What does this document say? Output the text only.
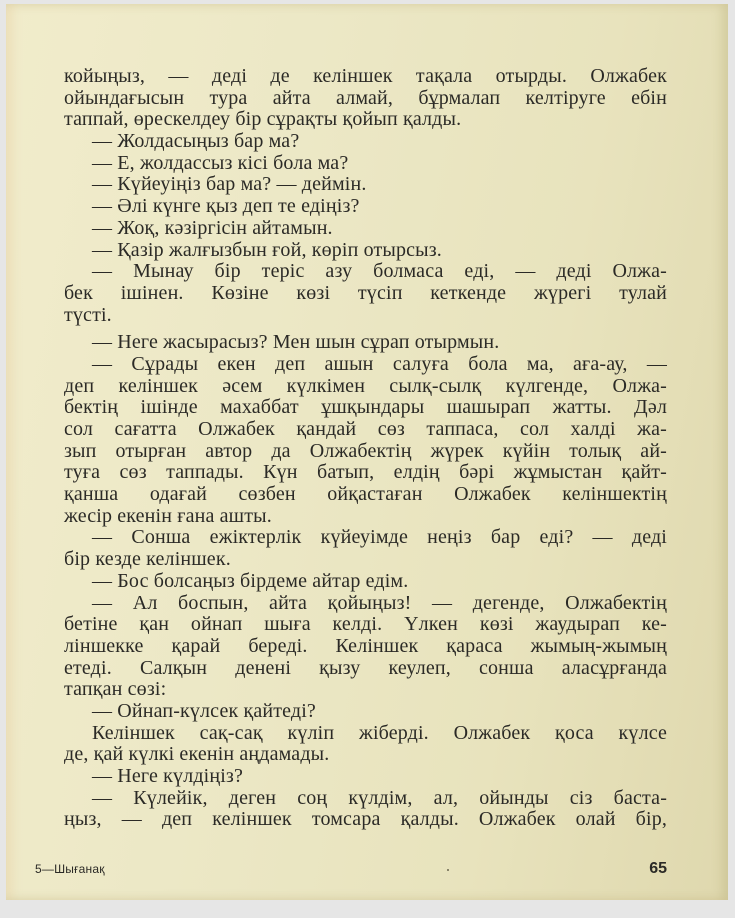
койыңыз, — деді де келіншек тақала отырды. Олжабек
ойындағысын тура айта алмай, бұрмалап келтіруге ебін
таппай, өрескелдеу бір сұрақты қойып қалды.
— Жолдасыңыз бар ма?
— Е, жолдассыз кісі бола ма?
— Күйеуіңіз бар ма? — деймін.
— Әлі күнге қыз деп те едіңіз?
— Жоқ, кәзіргісін айтамын.
— Қазір жалғызбын ғой, көріп отырсыз.
— Мынау бір теріс азу болмаса еді, — деді Олжа-
бек ішінен. Көзіне көзі түсіп кеткенде жүрегі тулай
түсті.
— Неге жасырасыз? Мен шын сұрап отырмын.
— Сұрады екен деп ашын салуға бола ма, аға-ау, —
деп келіншек әсем күлкімен сылқ-сылқ күлгенде, Олжа-
бектің ішінде махаббат ұшқындары шашырап жатты. Дәл
сол сағатта Олжабек қандай сөз таппаса, сол халді жа-
зып отырған автор да Олжабектің жүрек күйін толық ай-
туға сөз таппады. Күн батып, елдің бәрі жұмыстан қайт-
қанша одағай сөзбен ойқастаған Олжабек келіншектің
жесір екенін ғана ашты.
— Сонша ежіктерлік күйеуімде неңіз бар еді? — деді
бір кезде келіншек.
— Бос болсаңыз бірдеме айтар едім.
— Ал боспын, айта қойыңыз! — дегенде, Олжабектің
бетіне қан ойнап шыға келді. Үлкен көзі жаудырап ке-
ліншекке қарай береді. Келіншек қараса жымың-жымың
етеді. Салқын денені қызу кеулеп, сонша аласұрғанда
тапқан сөзі:
— Ойнап-күлсек қайтеді?
Келіншек сақ-сақ күліп жіберді. Олжабек қоса күлсе
де, қай күлкі екенін аңдамады.
— Неге күлдіңіз?
— Күлейік, деген соң күлдім, ал, ойынды сіз баста-
ңыз, — деп келіншек томсара қалды. Олжабек олай бір,
5—Шығанақ	65
